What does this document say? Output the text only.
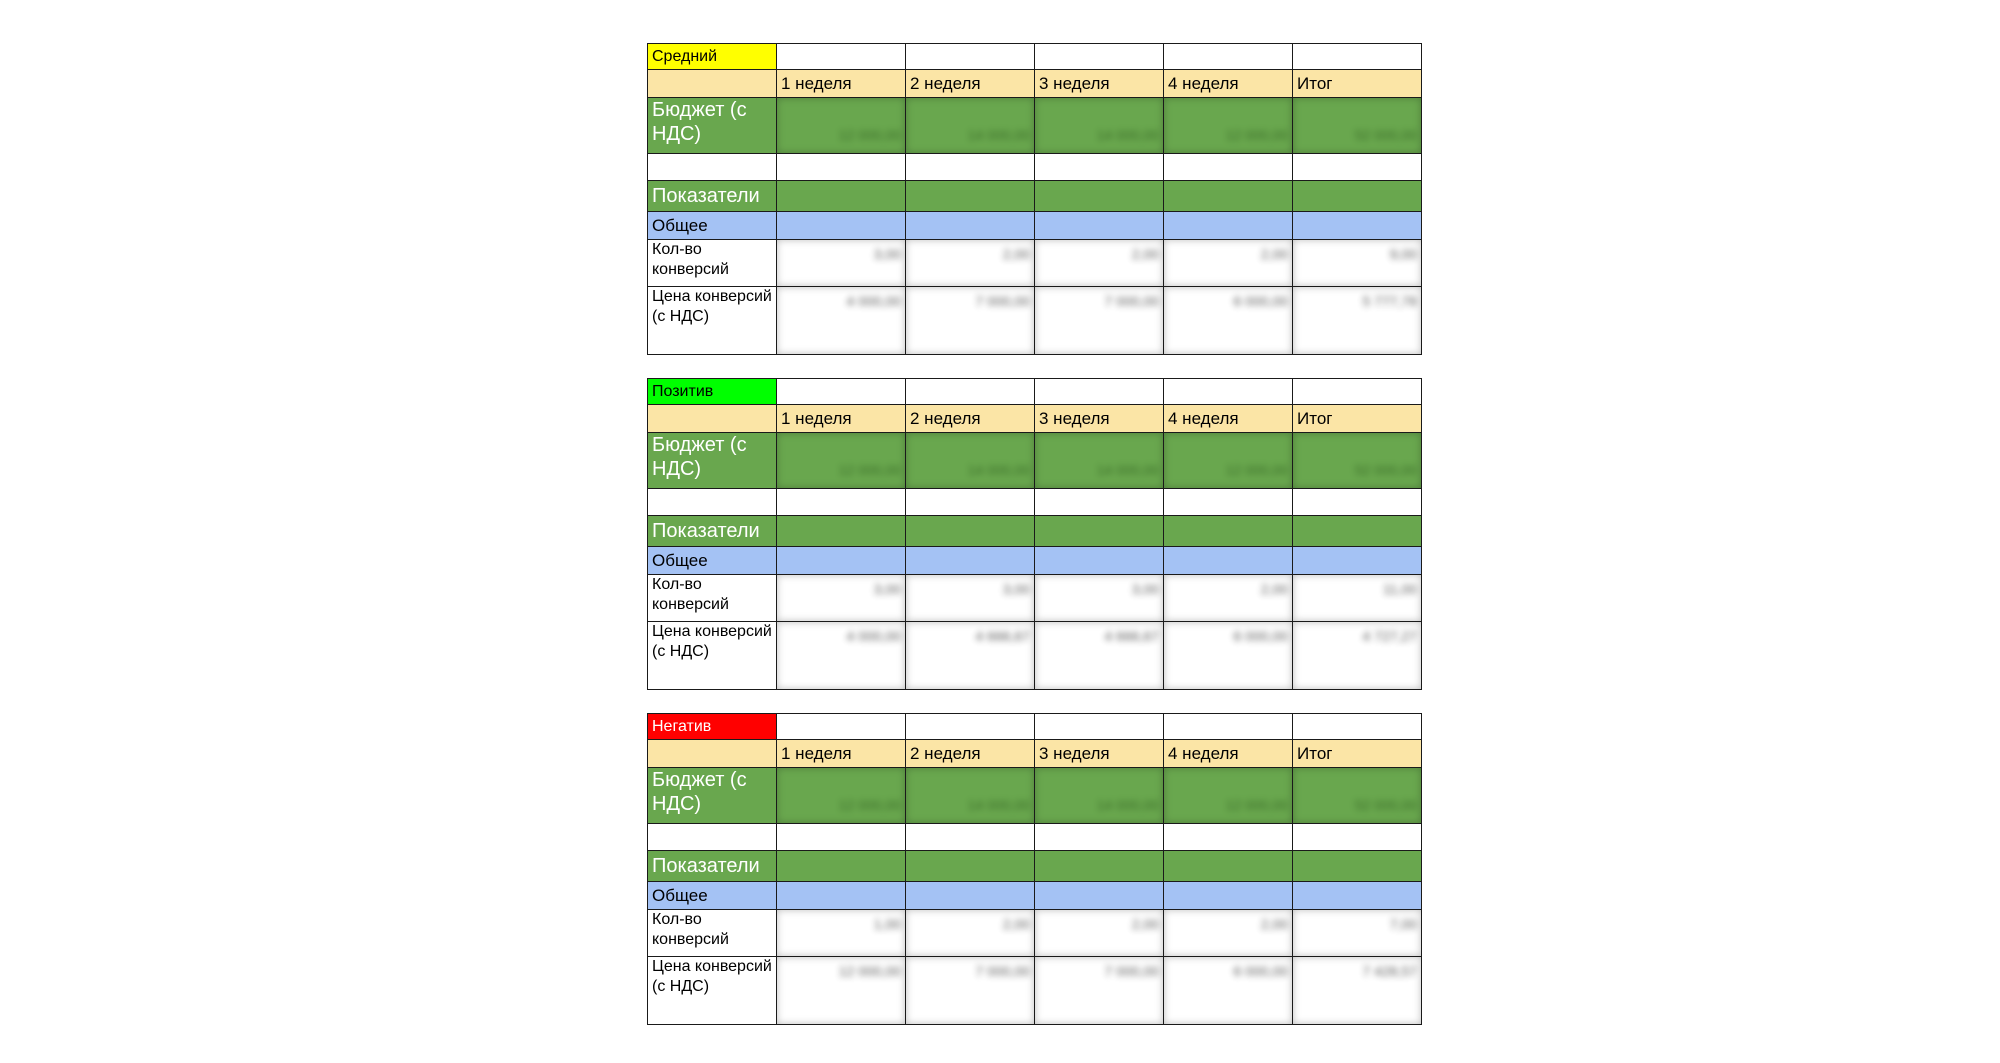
Средний					
	1 неделя	2 неделя	3 неделя	4 неделя	Итог
Бюджет (с НДС)	12 000,00	14 000,00	14 000,00	12 000,00	52 000,00

Показатели					
Общее					
Кол-во конверсий	3,00	2,00	2,00	2,00	9,00
Цена конверсий (с НДС)	4 000,00	7 000,00	7 000,00	6 000,00	5 777,78
Позитив					
	1 неделя	2 неделя	3 неделя	4 неделя	Итог
Бюджет (с НДС)	12 000,00	14 000,00	14 000,00	12 000,00	52 000,00

Показатели					
Общее					
Кол-во конверсий	3,00	3,00	3,00	2,00	11,00
Цена конверсий (с НДС)	4 000,00	4 666,67	4 666,67	6 000,00	4 727,27
Негатив					
	1 неделя	2 неделя	3 неделя	4 неделя	Итог
Бюджет (с НДС)	12 000,00	14 000,00	14 000,00	12 000,00	52 000,00

Показатели					
Общее					
Кол-во конверсий	1,00	2,00	2,00	2,00	7,00
Цена конверсий (с НДС)	12 000,00	7 000,00	7 000,00	6 000,00	7 428,57
